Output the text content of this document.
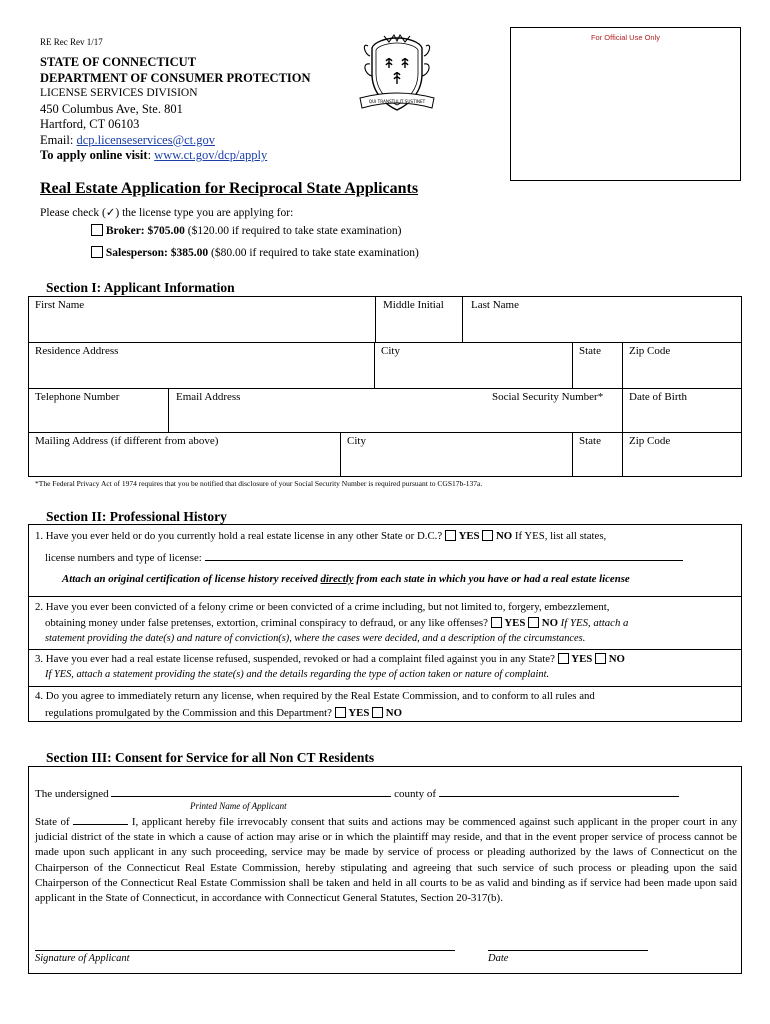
RE Rec Rev 1/17
STATE OF CONNECTICUT
DEPARTMENT OF CONSUMER PROTECTION
LICENSE SERVICES DIVISION
450 Columbus Ave, Ste. 801
Hartford, CT 06103
Email: dcp.licenseservices@ct.gov
To apply online visit: www.ct.gov/dcp/apply
QUI TRANSTULIT SUSTINET
For Official Use Only
Real Estate Application for Reciprocal State Applicants
Please check (✓) the license type you are applying for:
Broker: $705.00 ($120.00 if required to take state examination)
Salesperson: $385.00 ($80.00 if required to take state examination)
Section I: Applicant Information
First Name	Middle Initial Last Name
Residence Address	City	State	Zip Code
Telephone Number	Email Address	Social Security Number* Date of Birth
Mailing Address (if different from above)	City	State	Zip Code
*The Federal Privacy Act of 1974 requires that you be notified that disclosure of your Social Security Number is required pursuant to CGS17b-137a.
Section II: Professional History
1. Have you ever held or do you currently hold a real estate license in any other State or D.C.? YES NO If YES, list all states,
license numbers and type of license:
Attach an original certification of license history received directly from each state in which you have or had a real estate license
2. Have you ever been convicted of a felony crime or been convicted of a crime including, but not limited to, forgery, embezzlement,
obtaining money under false pretenses, extortion, criminal conspiracy to defraud, or any like offenses? YES NO If YES, attach a
statement providing the date(s) and nature of conviction(s), where the cases were decided, and a description of the circumstances.
3. Have you ever had a real estate license refused, suspended, revoked or had a complaint filed against you in any State? YES NO
If YES, attach a statement providing the state(s) and the details regarding the type of action taken or nature of complaint.
4. Do you agree to immediately return any license, when required by the Real Estate Commission, and to conform to all rules and
regulations promulgated by the Commission and this Department? YES NO
Section III: Consent for Service for all Non CT Residents
The undersigned	county of
Printed Name of Applicant
State of	I, applicant hereby file irrevocably consent that suits and actions may be commenced against such applicant in the proper court in any judicial district of the state in which a cause of action may arise or in which the plaintiff may reside, and that in the event proper service of process cannot be made upon such applicant in any such proceeding, service may be made by service of process or pleading authorized by the laws of Connecticut on the Chairperson of the Connecticut Real Estate Commission, hereby stipulating and agreeing that such service of such process or pleading upon the said Chairperson of the Connecticut Real Estate Commission shall be taken and held in all courts to be as valid and binding as if service had been made upon said applicant in the State of Connecticut, in accordance with Connecticut General Statutes, Section 20-317(b).
Signature of Applicant	Date
